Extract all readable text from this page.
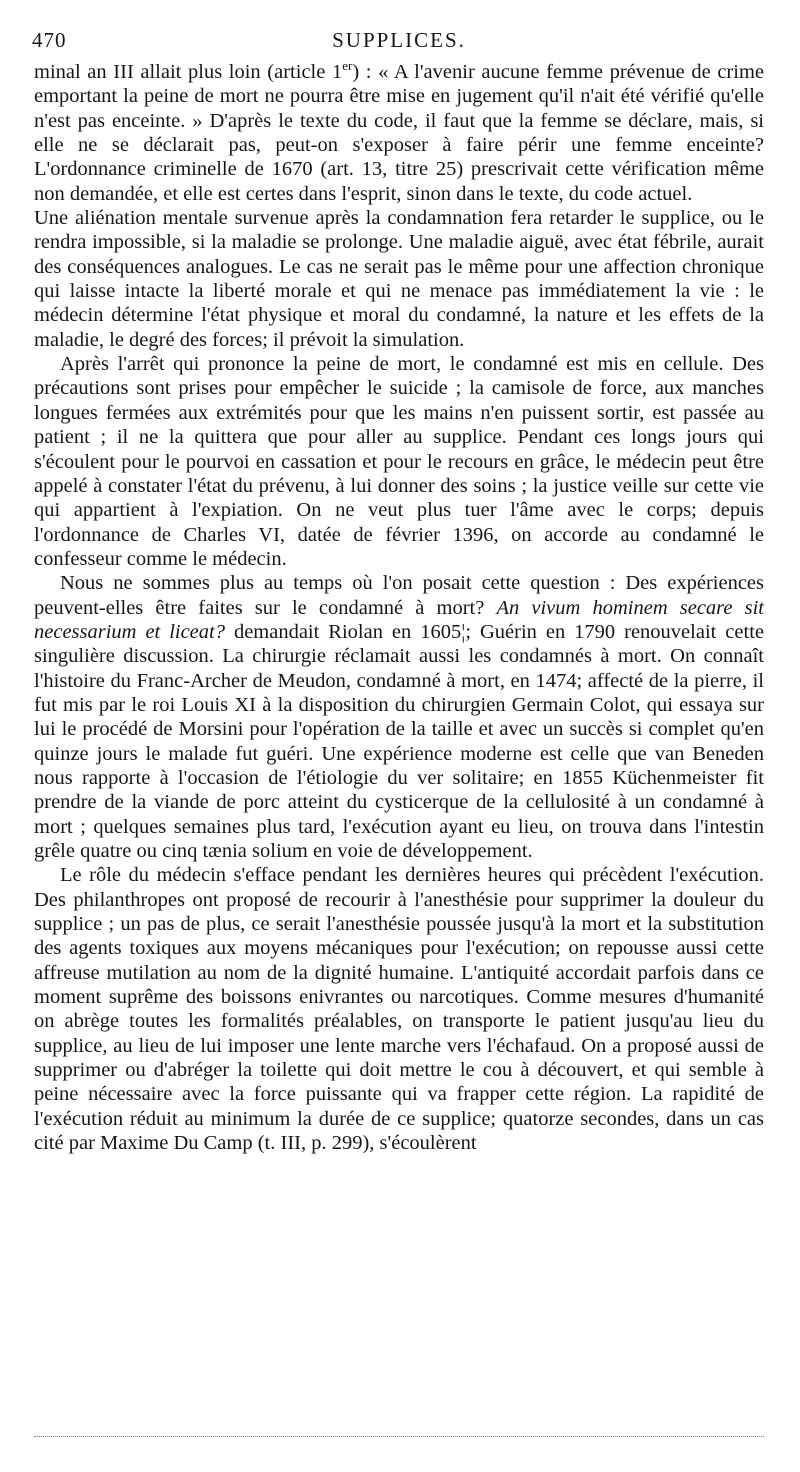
470	SUPPLICES.

minal an III allait plus loin (article 1er) : « A l'avenir aucune femme prévenue de crime emportant la peine de mort ne pourra être mise en jugement qu'il n'ait été vérifié qu'elle n'est pas enceinte. » D'après le texte du code, il faut que la femme se déclare, mais, si elle ne se déclarait pas, peut-on s'exposer à faire périr une femme enceinte? L'ordonnance criminelle de 1670 (art. 13, titre 25) prescrivait cette vérification même non demandée, et elle est certes dans l'esprit, sinon dans le texte, du code actuel.

Une aliénation mentale survenue après la condamnation fera retarder le supplice, ou le rendra impossible, si la maladie se prolonge. Une maladie aiguë, avec état fébrile, aurait des conséquences analogues. Le cas ne serait pas le même pour une affection chronique qui laisse intacte la liberté morale et qui ne menace pas immédiatement la vie : le médecin détermine l'état physique et moral du condamné, la nature et les effets de la maladie, le degré des forces; il prévoit la simulation.

Après l'arrêt qui prononce la peine de mort, le condamné est mis en cellule. Des précautions sont prises pour empêcher le suicide ; la camisole de force, aux manches longues fermées aux extrémités pour que les mains n'en puissent sortir, est passée au patient ; il ne la quittera que pour aller au supplice. Pendant ces longs jours qui s'écoulent pour le pourvoi en cassation et pour le recours en grâce, le médecin peut être appelé à constater l'état du prévenu, à lui donner des soins ; la justice veille sur cette vie qui appartient à l'expiation. On ne veut plus tuer l'âme avec le corps; depuis l'ordonnance de Charles VI, datée de février 1396, on accorde au condamné le confesseur comme le médecin.

Nous ne sommes plus au temps où l'on posait cette question : Des expériences peuvent-elles être faites sur le condamné à mort? An vivum hominem secare sit necessarium et liceat? demandait Riolan en 1605¦; Guérin en 1790 renouvelait cette singulière discussion. La chirurgie réclamait aussi les condamnés à mort. On connaît l'histoire du Franc-Archer de Meudon, condamné à mort, en 1474; affecté de la pierre, il fut mis par le roi Louis XI à la disposition du chirurgien Germain Colot, qui essaya sur lui le procédé de Morsini pour l'opération de la taille et avec un succès si complet qu'en quinze jours le malade fut guéri. Une expérience moderne est celle que van Beneden nous rapporte à l'occasion de l'étiologie du ver solitaire; en 1855 Küchenmeister fit prendre de la viande de porc atteint du cysticerque de la cellulosité à un condamné à mort ; quelques semaines plus tard, l'exécution ayant eu lieu, on trouva dans l'intestin grêle quatre ou cinq tænia solium en voie de développement.

Le rôle du médecin s'efface pendant les dernières heures qui précèdent l'exécution. Des philanthropes ont proposé de recourir à l'anesthésie pour supprimer la douleur du supplice ; un pas de plus, ce serait l'anesthésie poussée jusqu'à la mort et la substitution des agents toxiques aux moyens mécaniques pour l'exécution; on repousse aussi cette affreuse mutilation au nom de la dignité humaine. L'antiquité accordait parfois dans ce moment suprême des boissons enivrantes ou narcotiques. Comme mesures d'humanité on abrège toutes les formalités préalables, on transporte le patient jusqu'au lieu du supplice, au lieu de lui imposer une lente marche vers l'échafaud. On a proposé aussi de supprimer ou d'abréger la toilette qui doit mettre le cou à découvert, et qui semble à peine nécessaire avec la force puissante qui va frapper cette région. La rapidité de l'exécution réduit au minimum la durée de ce supplice; quatorze secondes, dans un cas cité par Maxime Du Camp (t. III, p. 299), s'écoulèrent
